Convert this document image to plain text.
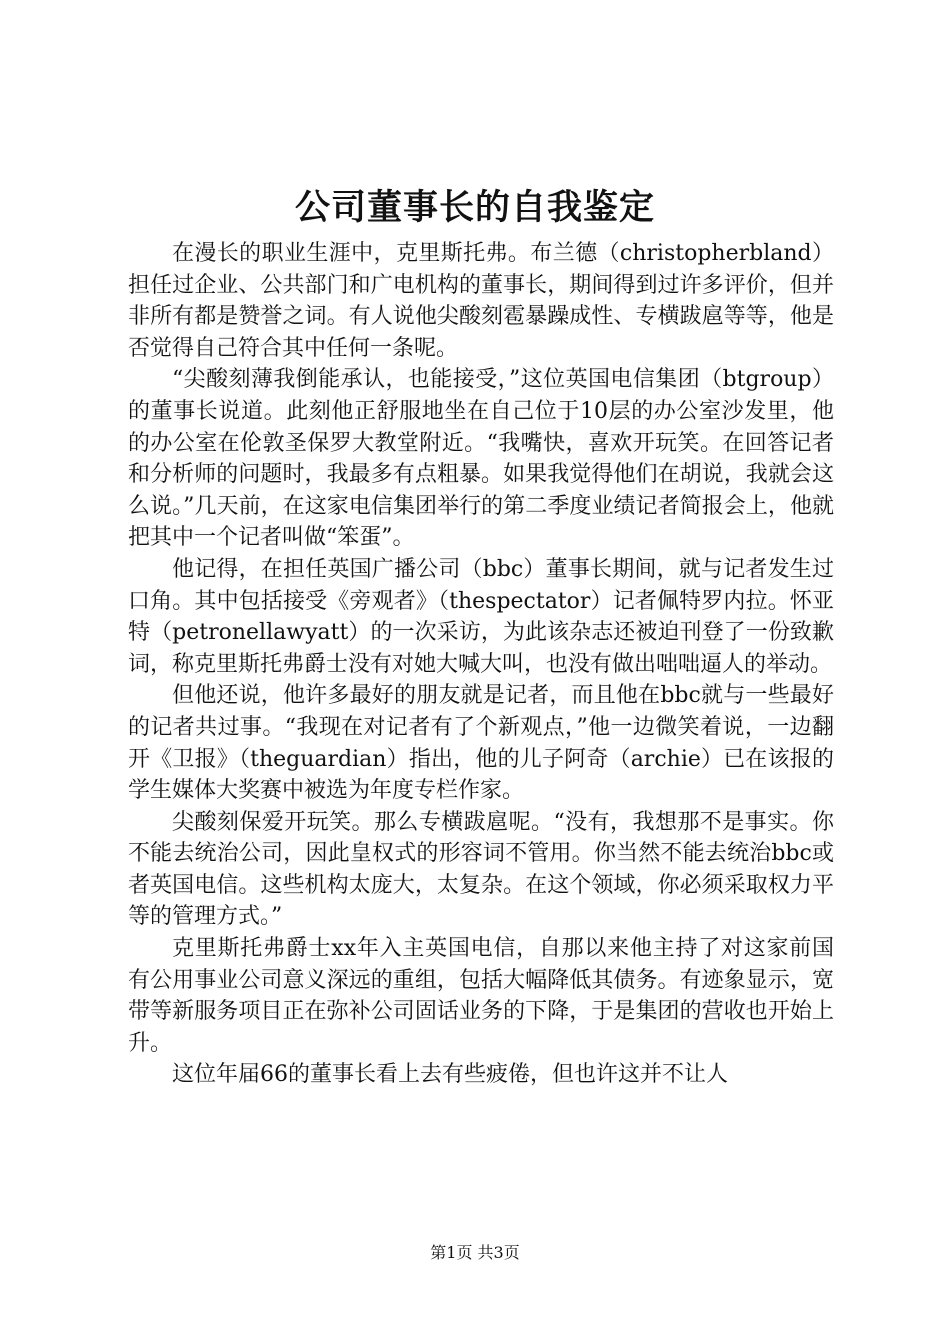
公司董事长的自我鉴定

在漫长的职业生涯中，克里斯托弗。布兰德（christopherbland）担任过企业、公共部门和广电机构的董事长，期间得到过许多评价，但并非所有都是赞誉之词。有人说他尖酸刻雹暴躁成性、专横跋扈等等，他是否觉得自己符合其中任何一条呢。

“尖酸刻薄我倒能承认，也能接受，”这位英国电信集团（btgroup）的董事长说道。此刻他正舒服地坐在自己位于10层的办公室沙发里，他的办公室在伦敦圣保罗大教堂附近。“我嘴快，喜欢开玩笑。在回答记者和分析师的问题时，我最多有点粗暴。如果我觉得他们在胡说，我就会这么说。”几天前，在这家电信集团举行的第二季度业绩记者简报会上，他就把其中一个记者叫做“笨蛋”。

他记得，在担任英国广播公司（bbc）董事长期间，就与记者发生过口角。其中包括接受《旁观者》（thespectator）记者佩特罗内拉。怀亚特（petronellawyatt）的一次采访，为此该杂志还被迫刊登了一份致歉词，称克里斯托弗爵士没有对她大喊大叫，也没有做出咄咄逼人的举动。

但他还说，他许多最好的朋友就是记者，而且他在bbc就与一些最好的记者共过事。“我现在对记者有了个新观点，”他一边微笑着说，一边翻开《卫报》（theguardian）指出，他的儿子阿奇（archie）已在该报的学生媒体大奖赛中被选为年度专栏作家。

尖酸刻保爱开玩笑。那么专横跋扈呢。“没有，我想那不是事实。你不能去统治公司，因此皇权式的形容词不管用。你当然不能去统治bbc或者英国电信。这些机构太庞大，太复杂。在这个领域，你必须采取权力平等的管理方式。”

克里斯托弗爵士xx年入主英国电信，自那以来他主持了对这家前国有公用事业公司意义深远的重组，包括大幅降低其债务。有迹象显示，宽带等新服务项目正在弥补公司固话业务的下降，于是集团的营收也开始上升。

这位年届66的董事长看上去有些疲倦，但也许这并不让人

第1页 共3页
